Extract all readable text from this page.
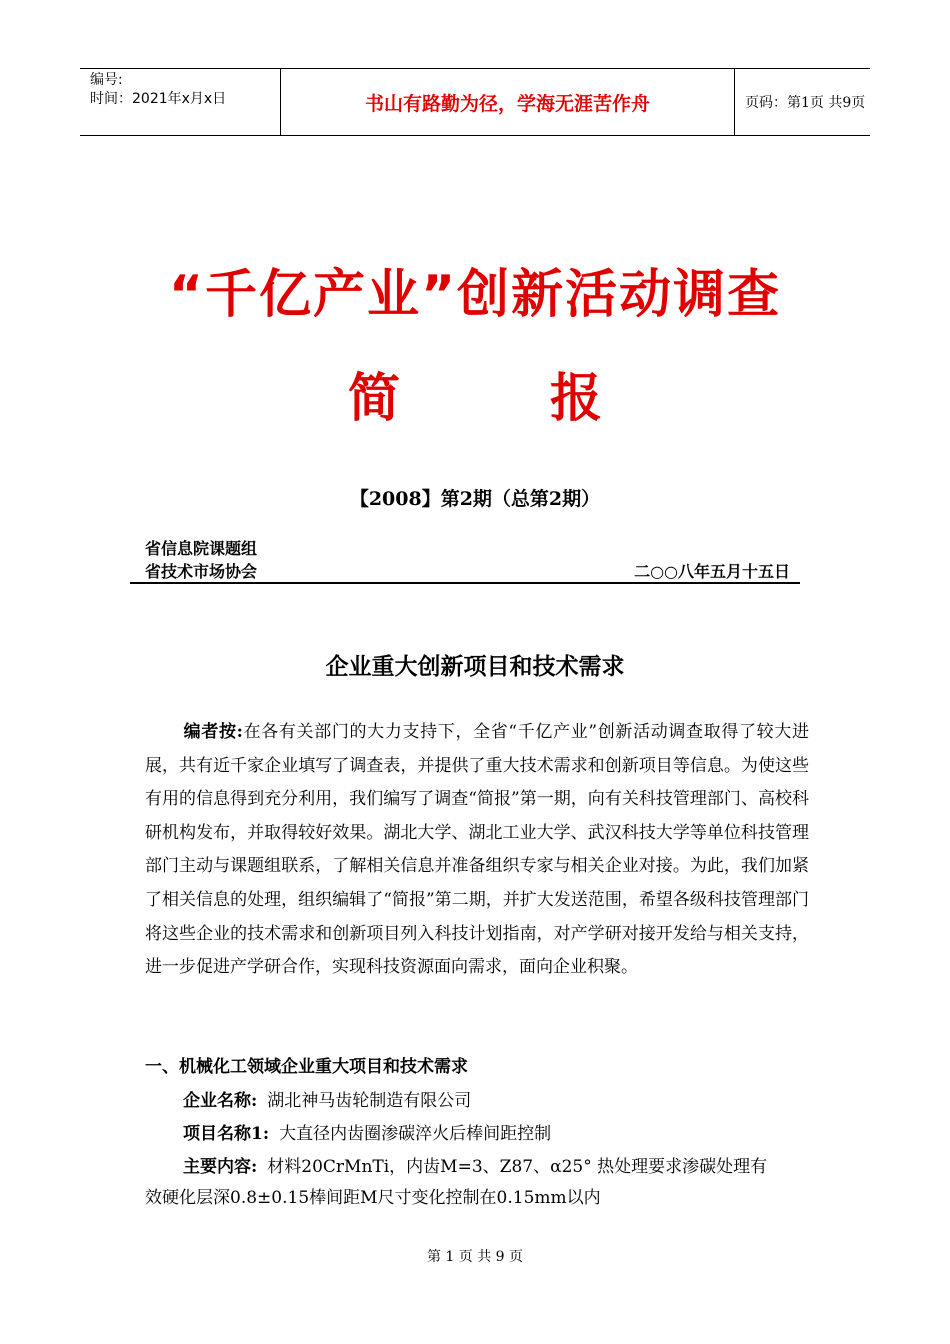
编号:
时间：2021年x月x日	书山有路勤为径，学海无涯苦作舟	页码：第1页 共9页
“千亿产业”创新活动调查
简	报
【2008】第2期（总第2期）
省信息院课题组
省技术市场协会	二○○八年五月十五日
企业重大创新项目和技术需求
编者按:在各有关部门的大力支持下，全省“千亿产业”创新活动调查取得了较大进展，共有近千家企业填写了调查表，并提供了重大技术需求和创新项目等信息。为使这些有用的信息得到充分利用，我们编写了调查“简报”第一期，向有关科技管理部门、高校科研机构发布，并取得较好效果。湖北大学、湖北工业大学、武汉科技大学等单位科技管理部门主动与课题组联系，了解相关信息并准备组织专家与相关企业对接。为此，我们加紧了相关信息的处理，组织编辑了“简报”第二期，并扩大发送范围，希望各级科技管理部门将这些企业的技术需求和创新项目列入科技计划指南，对产学研对接开发给与相关支持，进一步促进产学研合作，实现科技资源面向需求，面向企业积聚。
一、机械化工领域企业重大项目和技术需求
企业名称: 湖北神马齿轮制造有限公司
项目名称1: 大直径内齿圈渗碳淬火后棒间距控制
主要内容: 材料20CrMnTi，内齿M=3、Z87、α25° 热处理要求渗碳处理有
效硬化层深0.8±0.15棒间距M尺寸变化控制在0.15mm以内
第 1 页 共 9 页
